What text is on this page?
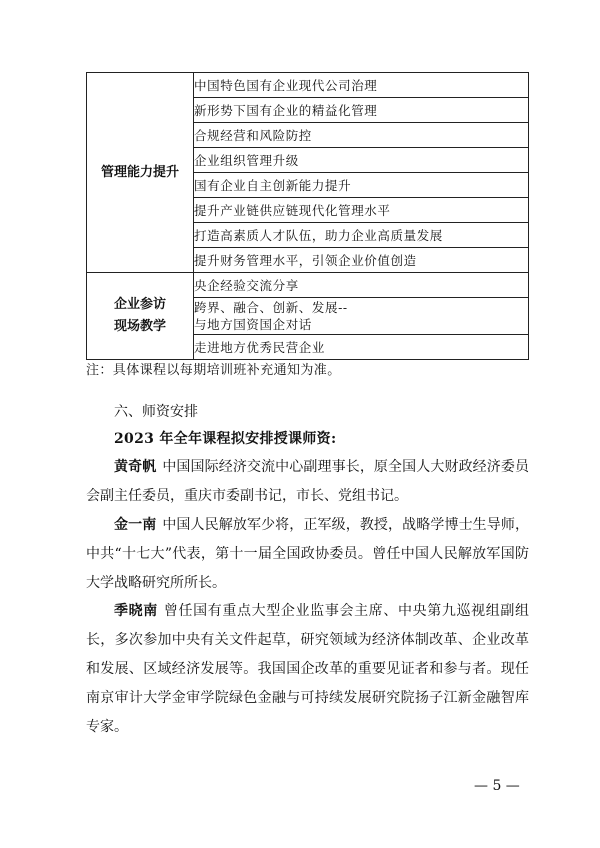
管理能力提升	中国特色国有企业现代公司治理
	新形势下国有企业的精益化管理
	合规经营和风险防控
	企业组织管理升级
	国有企业自主创新能力提升
	提升产业链供应链现代化管理水平
	打造高素质人才队伍，助力企业高质量发展
	提升财务管理水平，引领企业价值创造

企业参访
现场教学	央企经验交流分享

	跨界、融合、创新、发展--
与地方国资国企对话

	走进地方优秀民营企业
注：具体课程以每期培训班补充通知为准。
六、师资安排
2023 年全年课程拟安排授课师资:
黄奇帆 中国国际经济交流中心副理事长，原全国人大财政经济委员会副主任委员，重庆市委副书记，市长、党组书记。
金一南 中国人民解放军少将，正军级，教授，战略学博士生导师，中共“十七大”代表，第十一届全国政协委员。曾任中国人民解放军国防大学战略研究所所长。
季晓南 曾任国有重点大型企业监事会主席、中央第九巡视组副组长，多次参加中央有关文件起草，研究领域为经济体制改革、企业改革和发展、区域经济发展等。我国国企改革的重要见证者和参与者。现任南京审计大学金审学院绿色金融与可持续发展研究院扬子江新金融智库专家。
— 5 —
